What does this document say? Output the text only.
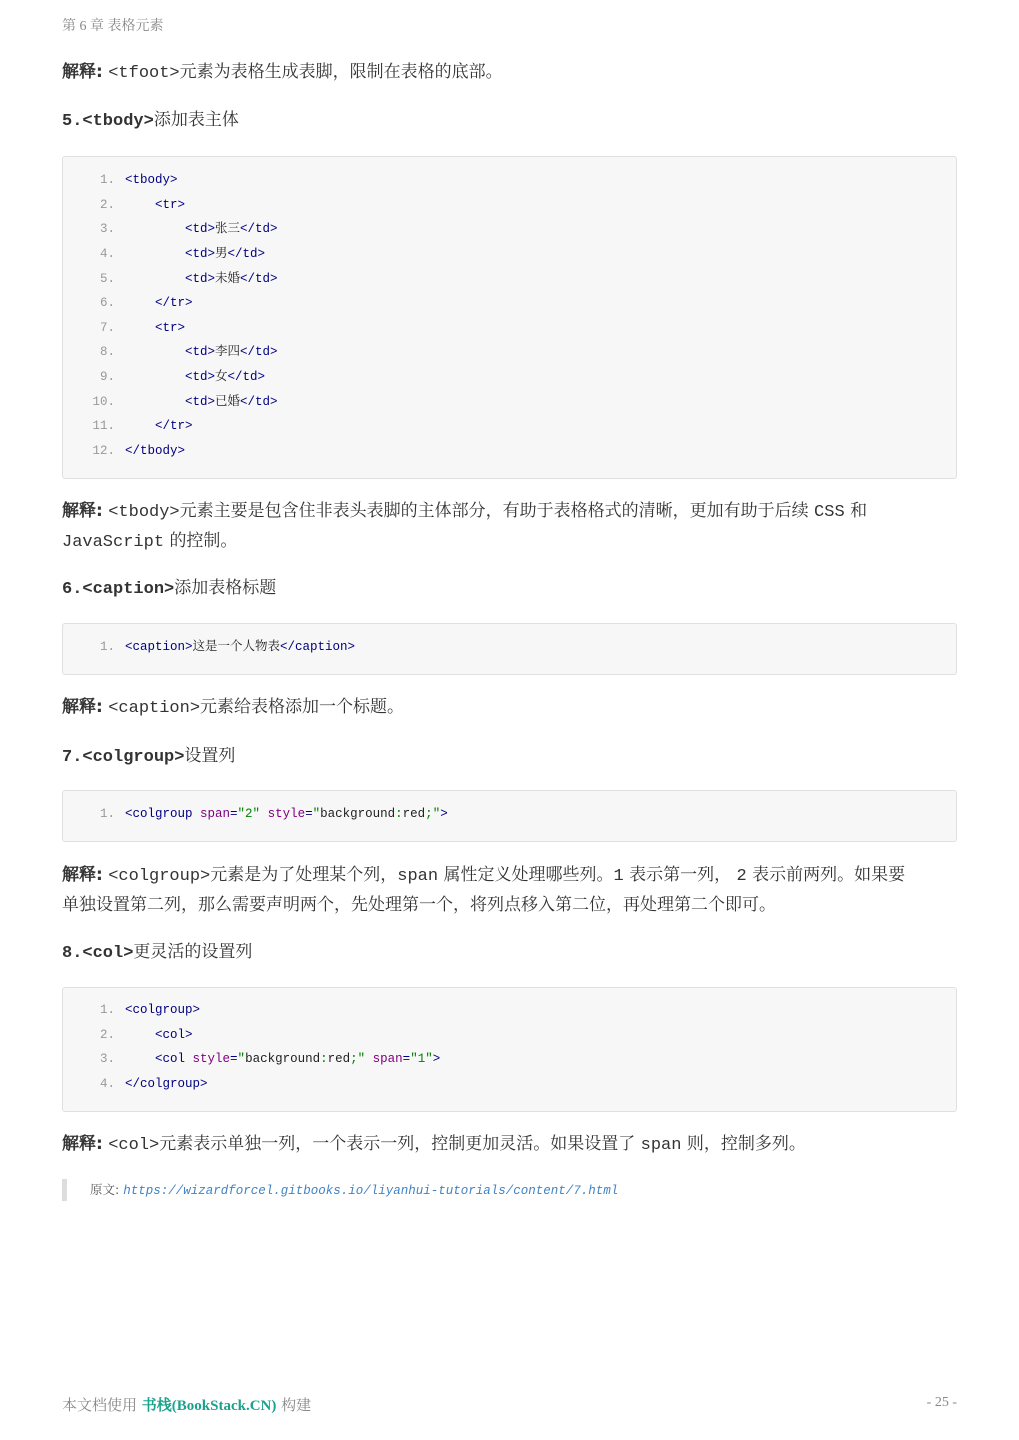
第 6 章 表格元素
解释: <tfoot>元素为表格生成表脚，限制在表格的底部。
5.<tbody>添加表主体
1. <tbody>
2.	<tr>
3.	<td>张三</td>
4.	<td>男</td>
5.	<td>未婚</td>
6.	</tr>
7.	<tr>
8.	<td>李四</td>
9.	<td>女</td>
10.	<td>已婚</td>
11.	</tr>
12. </tbody>
解释: <tbody>元素主要是包含住非表头表脚的主体部分，有助于表格格式的清晰，更加有助于后续 CSS 和
JavaScript 的控制。
6.<caption>添加表格标题
1. <caption>这是一个人物表</caption>
解释: <caption>元素给表格添加一个标题。
7.<colgroup>设置列
1. <colgroup span="2" style="background:red;">
解释: <colgroup>元素是为了处理某个列，span 属性定义处理哪些列。1 表示第一列， 2 表示前两列。如果要
单独设置第二列，那么需要声明两个，先处理第一个，将列点移入第二位，再处理第二个即可。
8.<col>更灵活的设置列
1. <colgroup>
2.	<col>
3.	<col style="background:red;" span="1">
4. </colgroup>
解释: <col>元素表示单独一列，一个表示一列，控制更加灵活。如果设置了 span 则，控制多列。
原文: https://wizardforcel.gitbooks.io/liyanhui-tutorials/content/7.html
本文档使用 书栈(BookStack.CN) 构建	- 25 -
